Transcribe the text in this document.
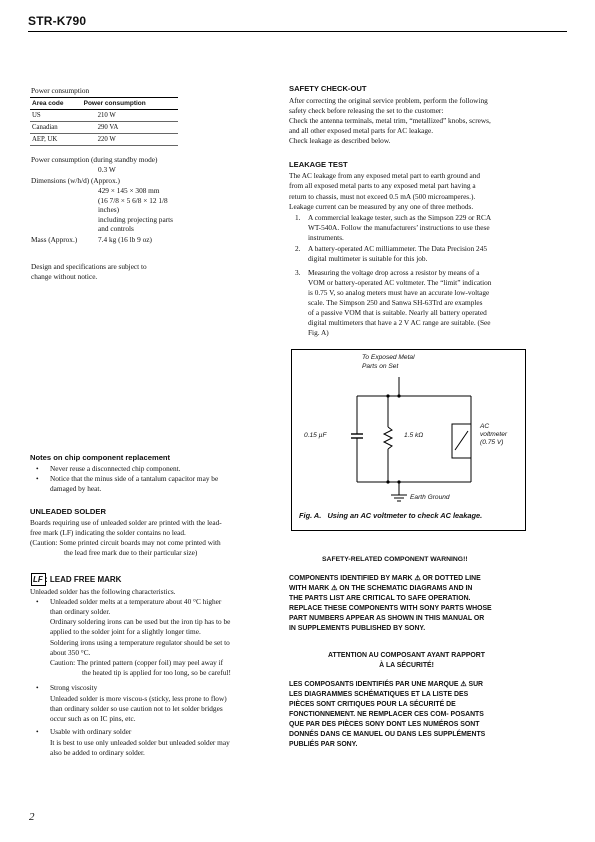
STR-K790
Power consumption
Area code	Power consumption
US	210 W
Canadian	290 VA
AEP, UK	220 W
Power consumption (during standby mode)
0.3 W
Dimensions (w/h/d) (Approx.)
429 × 145 × 308 mm
(16 7/8 × 5 6/8 × 12 1/8
inches)
including projecting parts
and controls
Mass (Approx.)	7.4 kg (16 lb 9 oz)
Design and specifications are subject to
change without notice.
Notes on chip component replacement
• Never reuse a disconnected chip component.
• Notice that the minus side of a tantalum capacitor may be
damaged by heat.
UNLEADED SOLDER
Boards requiring use of unleaded solder are printed with the lead-
free mark (LF) indicating the solder contains no lead.
(Caution: Some printed circuit boards may not come printed with
the lead free mark due to their particular size)
LF : LEAD FREE MARK
Unleaded solder has the following characteristics.
• Unleaded solder melts at a temperature about 40 °C higher
than ordinary solder.
Ordinary soldering irons can be used but the iron tip has to be
applied to the solder joint for a slightly longer time.
Soldering irons using a temperature regulator should be set to
about 350 °C.
Caution: The printed pattern (copper foil) may peel away if
the heated tip is applied for too long, so be careful!
• Strong viscosity
Unleaded solder is more viscou-s (sticky, less prone to flow)
than ordinary solder so use caution not to let solder bridges
occur such as on IC pins, etc.
• Usable with ordinary solder
It is best to use only unleaded solder but unleaded solder may
also be added to ordinary solder.
SAFETY CHECK-OUT
After correcting the original service problem, perform the following
safety check before releasing the set to the customer:
Check the antenna terminals, metal trim, “metallized” knobs, screws,
and all other exposed metal parts for AC leakage.
Check leakage as described below.
LEAKAGE TEST
The AC leakage from any exposed metal part to earth ground and
from all exposed metal parts to any exposed metal part having a
return to chassis, must not exceed 0.5 mA (500 microamperes.).
Leakage current can be measured by any one of three methods.
1. A commercial leakage tester, such as the Simpson 229 or RCA
WT-540A. Follow the manufacturers’ instructions to use these
instruments.
2. A battery-operated AC milliammeter. The Data Precision 245
digital multimeter is suitable for this job.
3. Measuring the voltage drop across a resistor by means of a
VOM or battery-operated AC voltmeter. The “limit” indication
is 0.75 V, so analog meters must have an accurate low-voltage
scale. The Simpson 250 and Sanwa SH-63Trd are examples
of a passive VOM that is suitable. Nearly all battery operated
digital multimeters that have a 2 V AC range are suitable. (See
Fig. A)
To Exposed Metal
Parts on Set
0.15 µF	1.5 kΩ
AC
voltmeter
(0.75 V)
Earth Ground
Fig. A.   Using an AC voltmeter to check AC leakage.
SAFETY-RELATED COMPONENT WARNING!!
COMPONENTS IDENTIFIED BY MARK ⚠ OR DOTTED LINE
WITH MARK ⚠ ON THE SCHEMATIC DIAGRAMS AND IN
THE PARTS LIST ARE CRITICAL TO SAFE OPERATION.
REPLACE THESE COMPONENTS WITH SONY PARTS WHOSE
PART NUMBERS APPEAR AS SHOWN IN THIS MANUAL OR
IN SUPPLEMENTS PUBLISHED BY SONY.
ATTENTION AU COMPOSANT AYANT RAPPORT
À LA SÉCURITÉ!
LES COMPOSANTS IDENTIFIÉS PAR UNE MARQUE ⚠ SUR
LES DIAGRAMMES SCHÉMATIQUES ET LA LISTE DES
PIÈCES SONT CRITIQUES POUR LA SÉCURITÉ DE
FONCTIONNEMENT. NE REMPLACER CES COM- POSANTS
QUE PAR DES PIÈCES SONY DONT LES NUMÉROS SONT
DONNÉS DANS CE MANUEL OU DANS LES SUPPLÉMENTS
PUBLIÉS PAR SONY.
2
